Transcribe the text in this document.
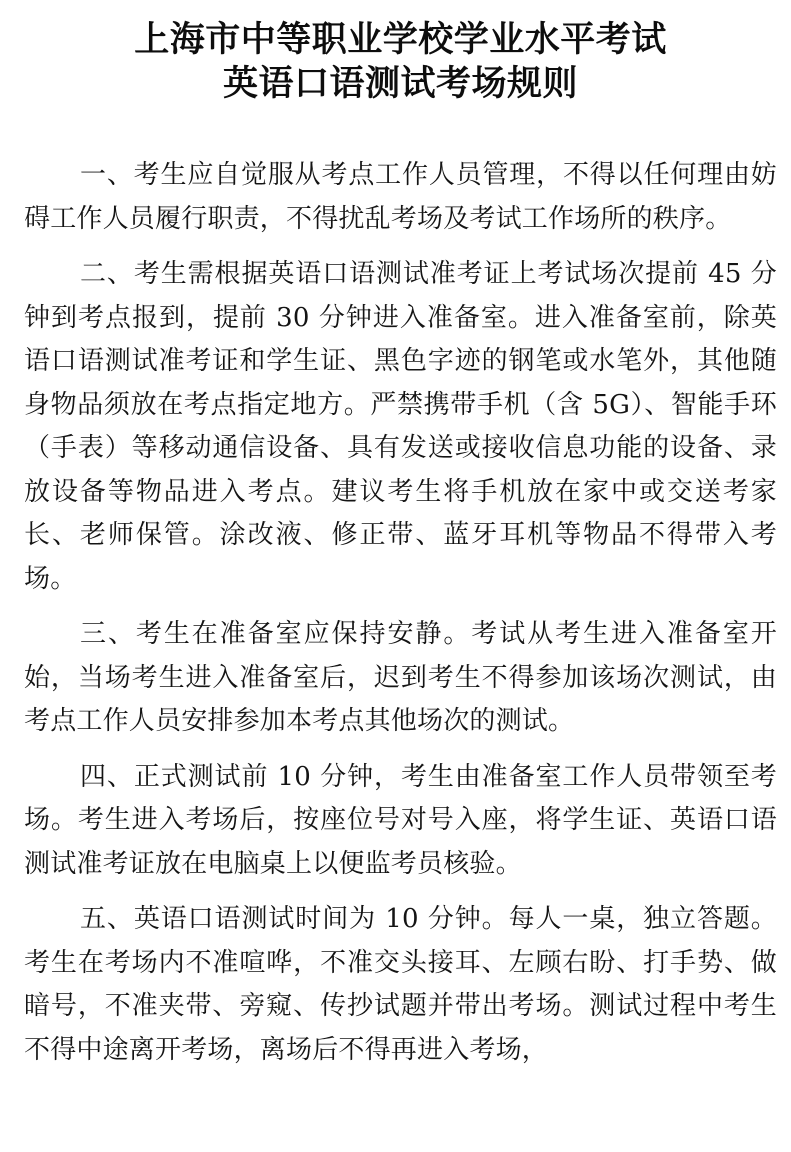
上海市中等职业学校学业水平考试
英语口语测试考场规则

一、考生应自觉服从考点工作人员管理，不得以任何理由妨碍工作人员履行职责，不得扰乱考场及考试工作场所的秩序。

二、考生需根据英语口语测试准考证上考试场次提前 45 分钟到考点报到，提前 30 分钟进入准备室。进入准备室前，除英语口语测试准考证和学生证、黑色字迹的钢笔或水笔外，其他随身物品须放在考点指定地方。严禁携带手机（含 5G）、智能手环（手表）等移动通信设备、具有发送或接收信息功能的设备、录放设备等物品进入考点。建议考生将手机放在家中或交送考家长、老师保管。涂改液、修正带、蓝牙耳机等物品不得带入考场。

三、考生在准备室应保持安静。考试从考生进入准备室开始，当场考生进入准备室后，迟到考生不得参加该场次测试，由考点工作人员安排参加本考点其他场次的测试。

四、正式测试前 10 分钟，考生由准备室工作人员带领至考场。考生进入考场后，按座位号对号入座，将学生证、英语口语测试准考证放在电脑桌上以便监考员核验。

五、英语口语测试时间为 10 分钟。每人一桌，独立答题。考生在考场内不准喧哗，不准交头接耳、左顾右盼、打手势、做暗号，不准夹带、旁窥、传抄试题并带出考场。测试过程中考生不得中途离开考场，离场后不得再进入考场，
